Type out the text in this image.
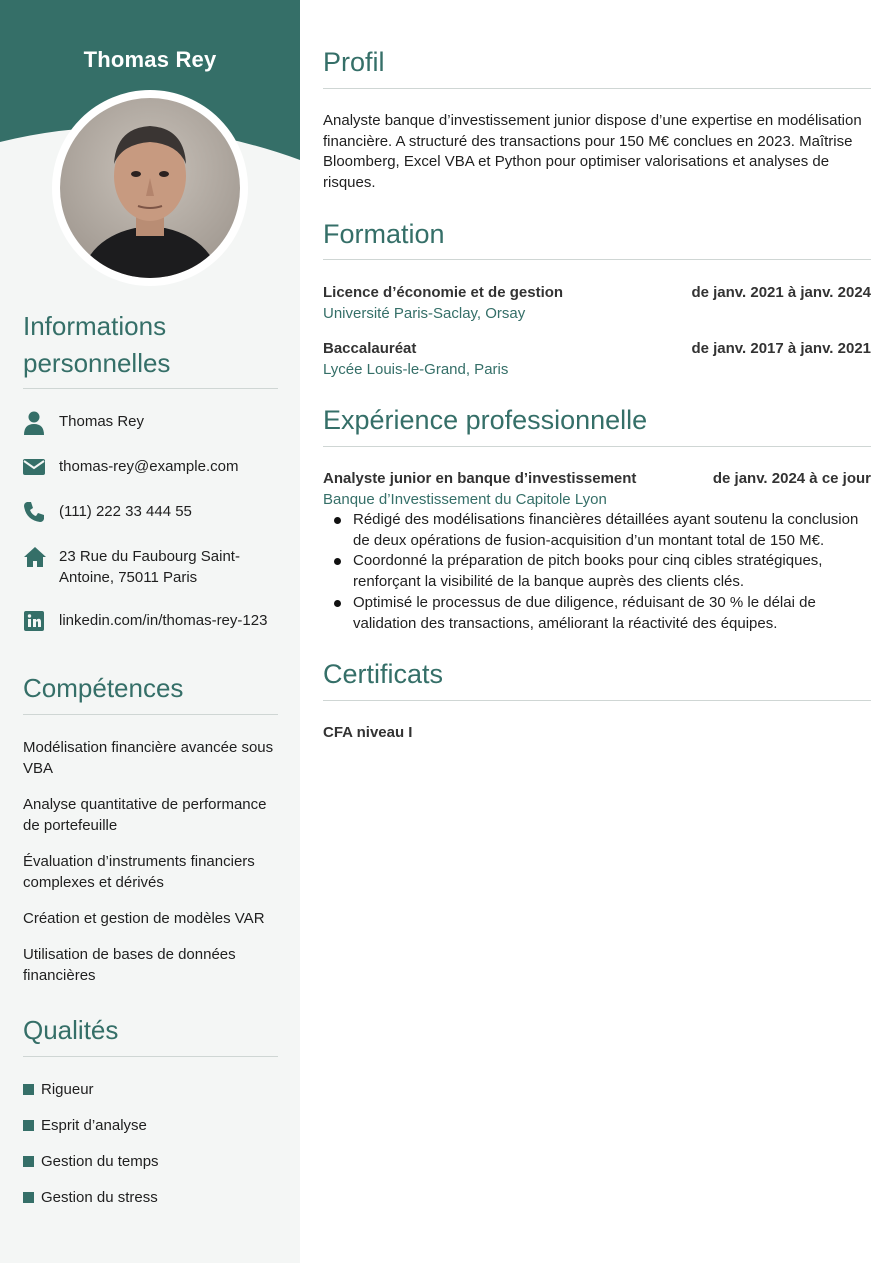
Thomas Rey
Informations personnelles
Thomas Rey
thomas-rey@example.com
(111) 222 33 444 55
23 Rue du Faubourg Saint-Antoine, 75011 Paris
linkedin.com/in/thomas-rey-123
Compétences
Modélisation financière avancée sous VBA
Analyse quantitative de performance de portefeuille
Évaluation d’instruments financiers complexes et dérivés
Création et gestion de modèles VAR
Utilisation de bases de données financières
Qualités
Rigueur
Esprit d’analyse
Gestion du temps
Gestion du stress
Profil
Analyste banque d’investissement junior dispose d’une expertise en modélisation financière. A structuré des transactions pour 150 M€ conclues en 2023. Maîtrise Bloomberg, Excel VBA et Python pour optimiser valorisations et analyses de risques.
Formation
Licence d’économie et de gestion	de janv. 2021 à janv. 2024
Université Paris-Saclay, Orsay
Baccalauréat	de janv. 2017 à janv. 2021
Lycée Louis-le-Grand, Paris
Expérience professionnelle
Analyste junior en banque d’investissement	de janv. 2024 à ce jour
Banque d’Investissement du Capitole Lyon
Rédigé des modélisations financières détaillées ayant soutenu la conclusion de deux opérations de fusion-acquisition d’un montant total de 150 M€.
Coordonné la préparation de pitch books pour cinq cibles stratégiques, renforçant la visibilité de la banque auprès des clients clés.
Optimisé le processus de due diligence, réduisant de 30 % le délai de validation des transactions, améliorant la réactivité des équipes.
Certificats
CFA niveau I
